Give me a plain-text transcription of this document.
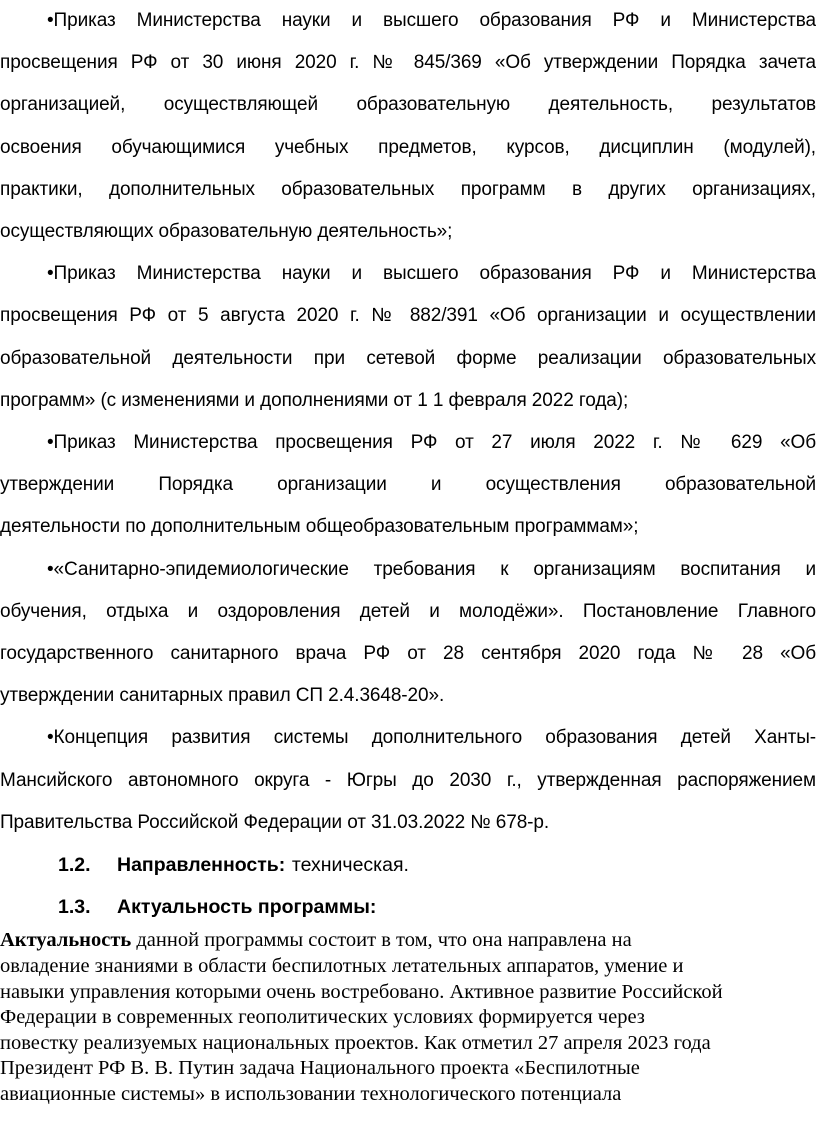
•Приказ Министерства науки и высшего образования РФ и Министерства
просвещения РФ от 30 июня 2020 г. № 845/369 «Об утверждении Порядка зачета
организацией, осуществляющей образовательную деятельность, результатов
освоения обучающимися учебных предметов, курсов, дисциплин (модулей),
практики, дополнительных образовательных программ в других организациях,
осуществляющих образовательную деятельность»;
•Приказ Министерства науки и высшего образования РФ и Министерства
просвещения РФ от 5 августа 2020 г. № 882/391 «Об организации и осуществлении
образовательной деятельности при сетевой форме реализации образовательных
программ» (с изменениями и дополнениями от 1 1 февраля 2022 года);
•Приказ Министерства просвещения РФ от 27 июля 2022 г. № 629 «Об
утверждении Порядка организации и осуществления образовательной
деятельности по дополнительным общеобразовательным программам»;
•«Санитарно-эпидемиологические требования к организациям воспитания и
обучения, отдыха и оздоровления детей и молодёжи». Постановление Главного
государственного санитарного врача РФ от 28 сентября 2020 года № 28 «Об
утверждении санитарных правил СП 2.4.3648-20».
•Концепция развития системы дополнительного образования детей Ханты-
Мансийского автономного округа - Югры до 2030 г., утвержденная распоряжением
Правительства Российской Федерации от 31.03.2022 № 678-р.
1.2. Направленность: техническая.
1.3. Актуальность программы:
Актуальность данной программы состоит в том, что она направлена на
овладение знаниями в области беспилотных летательных аппаратов, умение и
навыки управления которыми очень востребовано. Активное развитие Российской
Федерации в современных геополитических условиях формируется через
повестку реализуемых национальных проектов. Как отметил 27 апреля 2023 года
Президент РФ В. В. Путин задача Национального проекта «Беспилотные
авиационные системы» в использовании технологического потенциала
